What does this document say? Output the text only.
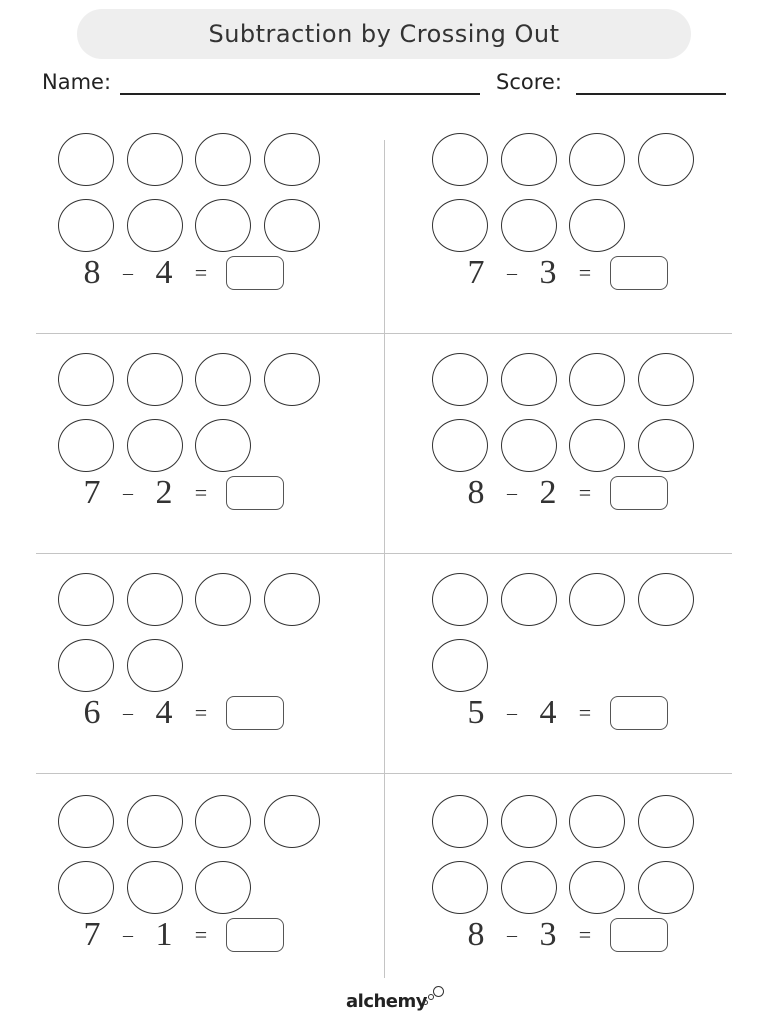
Subtraction by Crossing Out
Name:	Score:
8	– 4	=	7	– 3	=
7	– 2	=	8	– 2	=
6	– 4	=	5	– 4	=
7	– 1	=	8	– 3	=
alchemy
